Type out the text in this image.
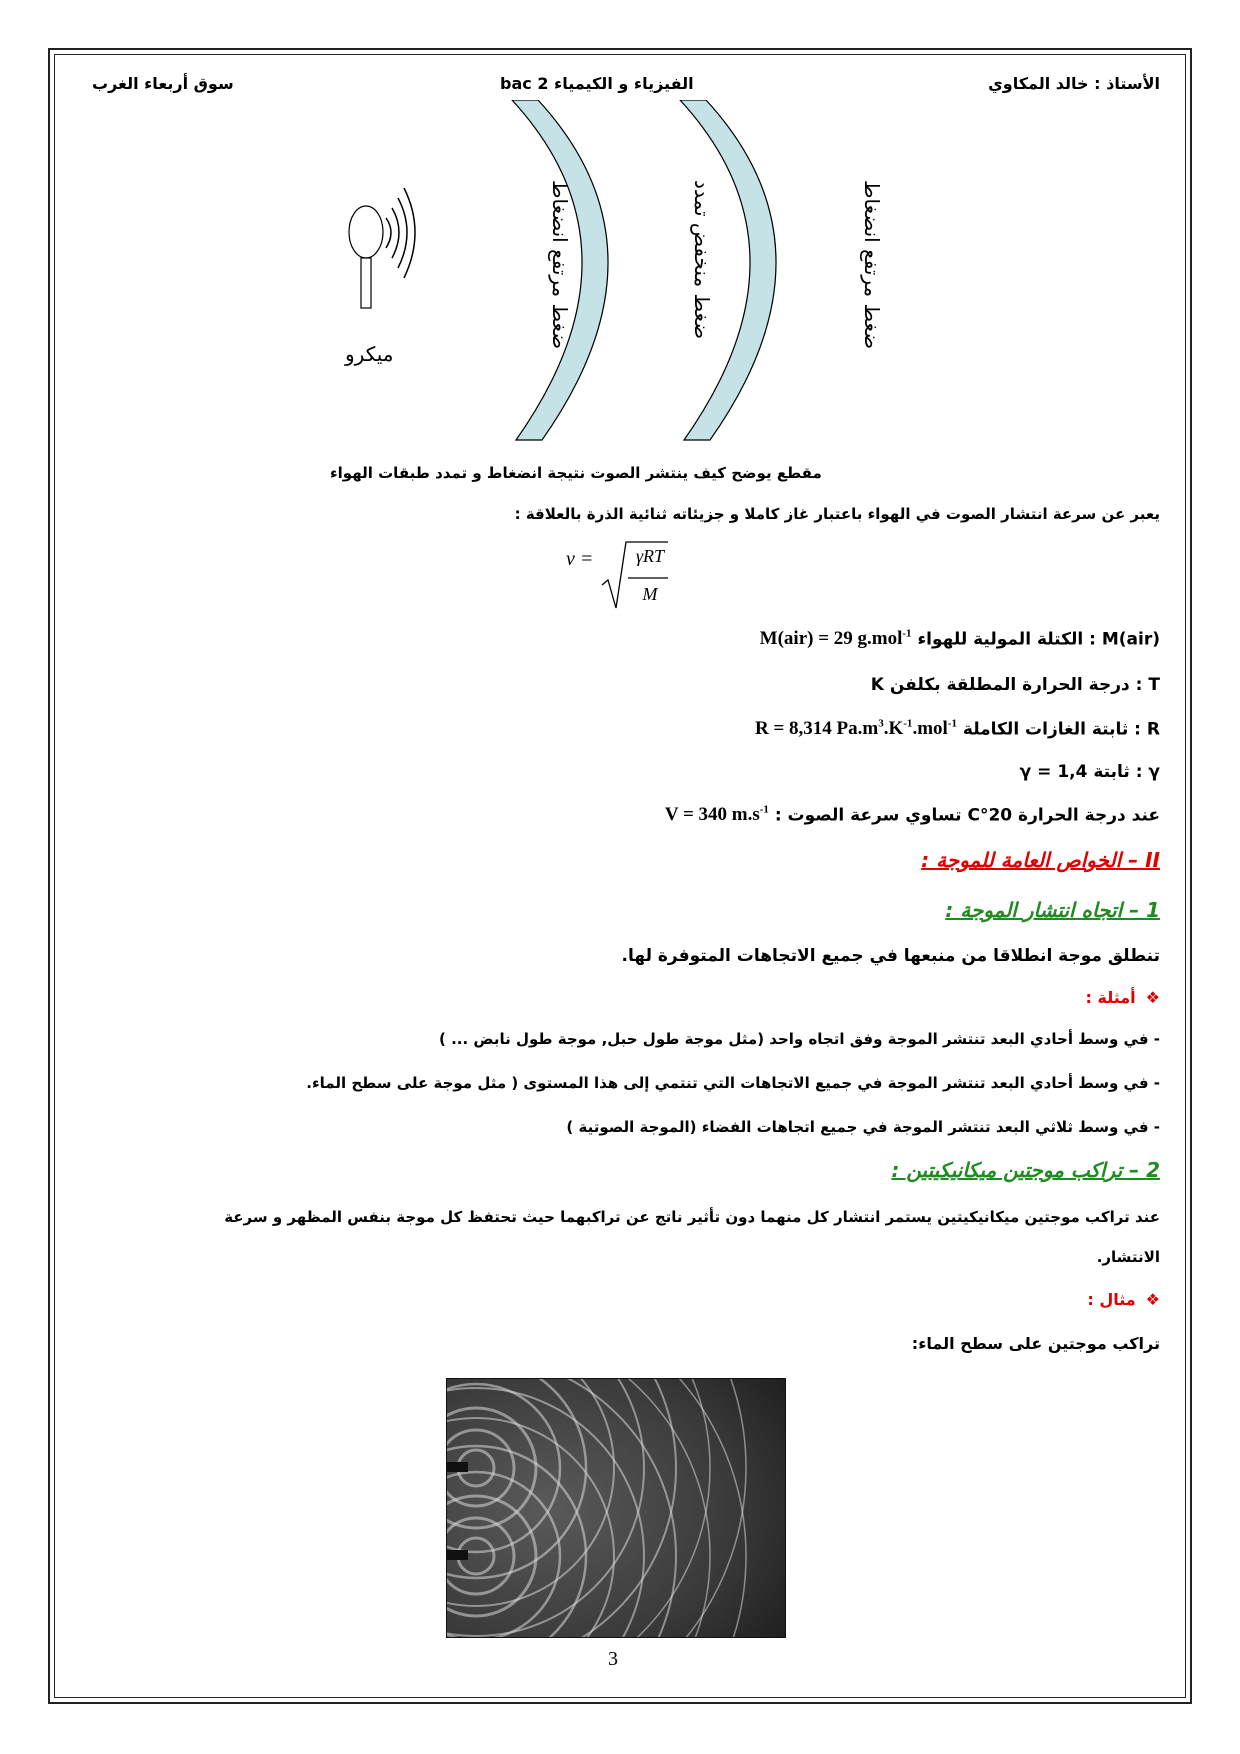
الأستاذ : خالد المكاوي
الفيزياء و الكيمياء 2 bac
سوق أربعاء الغرب
ضغط مرتفع انضغاط	ضغط منخفض تمدد	ضغط مرتفع انضغاط
ميكرو
مقطع يوضح كيف ينتشر الصوت نتيجة انضغاط و تمدد طبقات الهواء
يعبر عن سرعة انتشار الصوت في الهواء باعتبار غاز كاملا و جزيئاته ثنائية الذرة بالعلاقة :
v =	γRT
M
M(air) : الكتلة المولية للهواء M(air) = 29 g.mol$^{-1}$
T : درجة الحرارة المطلقة بكلفن K
R : ثابتة الغازات الكاملة R = 8,314 $Pa.m^3.K^{-1}.mol^{-1}$
γ : ثابتة γ = 1,4
عند درجة الحرارة 20°C تساوي سرعة الصوت : V = 340 $m.s^{-1}$
II – الخواص العامة للموجة :
1 – اتجاه انتشار الموجة :
تنطلق موجة انطلاقا من منبعها في جميع الاتجاهات المتوفرة لها.
❖أمثلة :
- في وسط أحادي البعد تنتشر الموجة وفق اتجاه واحد (مثل موجة طول حبل, موجة طول نابض ... )
- في وسط أحادي البعد تنتشر الموجة في جميع الاتجاهات التي تنتمي إلى هذا المستوى ( مثل موجة على سطح الماء.
- في وسط ثلاثي البعد تنتشر الموجة في جميع اتجاهات الفضاء (الموجة الصوتية )
2 – تراكب موجتين ميكانيكيتين :
عند تراكب موجتين ميكانيكيتين يستمر انتشار كل منهما دون تأثير ناتج عن تراكبهما حيث تحتفظ كل موجة بنفس المظهر و سرعة
الانتشار.
❖مثال :
تراكب موجتين على سطح الماء:
3
